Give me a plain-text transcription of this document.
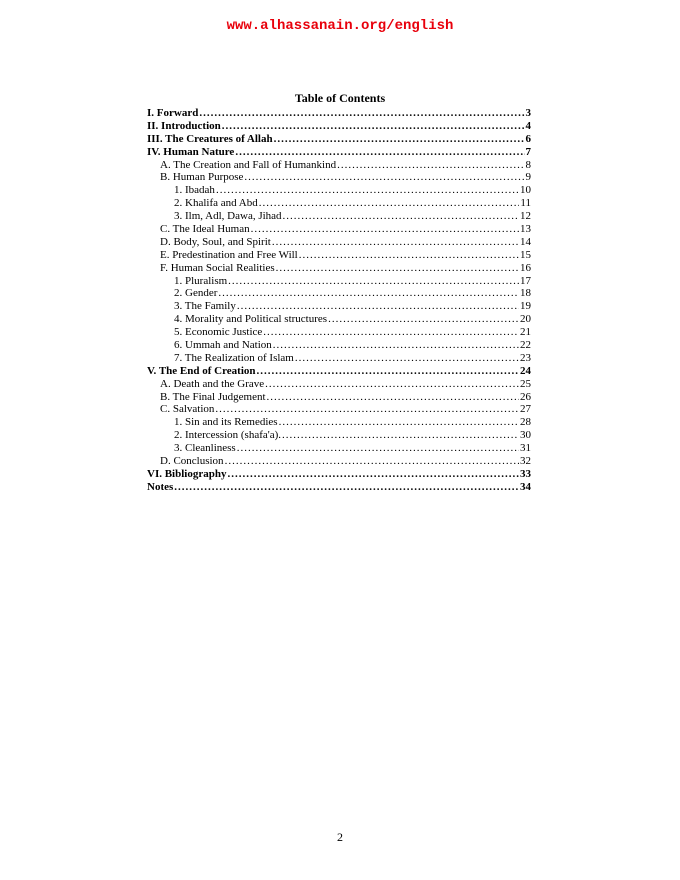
www.alhassanain.org/english
Table of Contents
I. Forward .....	3
II. Introduction .....	4
III. The Creatures of Allah .....	6
IV. Human Nature .....	7
A. The Creation and Fall of Humankind .....	8
B. Human Purpose .....	9
1. Ibadah .....	10
2. Khalifa and Abd .....	11
3. Ilm, Adl, Dawa, Jihad .....	12
C. The Ideal Human .....	13
D. Body, Soul, and Spirit .....	14
E. Predestination and Free Will .....	15
F. Human Social Realities .....	16
1. Pluralism .....	17
2. Gender .....	18
3. The Family .....	19
4. Morality and Political structures .....	20
5. Economic Justice .....	21
6. Ummah and Nation .....	22
7. The Realization of Islam .....	23
V. The End of Creation .....	24
A. Death and the Grave .....	25
B. The Final Judgement .....	26
C. Salvation .....	27
1. Sin and its Remedies .....	28
2. Intercession (shafa'a). .....	30
3. Cleanliness .....	31
D. Conclusion .....	32
VI. Bibliography .....	33
Notes .....	34
2
